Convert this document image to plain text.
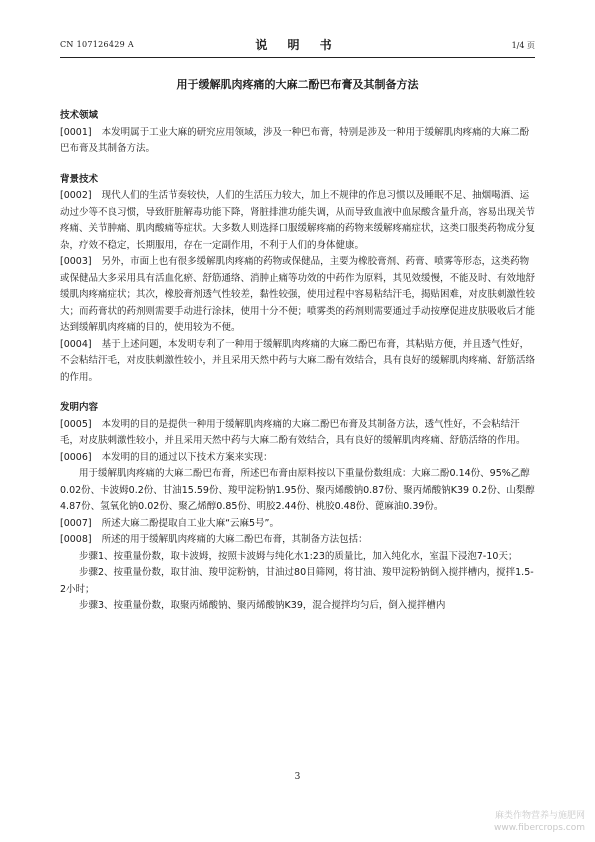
CN 107126429 A	说 明 书	1/4 页
用于缓解肌肉疼痛的大麻二酚巴布膏及其制备方法
技术领域

[0001] 本发明属于工业大麻的研究应用领域，涉及一种巴布膏，特别是涉及一种用于缓解肌肉疼痛的大麻二酚巴布膏及其制备方法。

背景技术

[0002] 现代人们的生活节奏较快，人们的生活压力较大，加上不规律的作息习惯以及睡眠不足、抽烟喝酒、运动过少等不良习惯，导致肝脏解毒功能下降，肾脏排泄功能失调，从而导致血液中血尿酸含量升高，容易出现关节疼痛、关节肿痛、肌肉酸痛等症状。大多数人则选择口服缓解疼痛的药物来缓解疼痛症状，这类口服类药物成分复杂，疗效不稳定，长期服用，存在一定副作用，不利于人们的身体健康。

[0003] 另外，市面上也有很多缓解肌肉疼痛的药物或保健品，主要为橡胶膏剂、药膏、喷雾等形态，这类药物或保健品大多采用具有活血化瘀、舒筋通络、消肿止痛等功效的中药作为原料，其见效缓慢，不能及时、有效地舒缓肌肉疼痛症状；其次，橡胶膏剂透气性较差，黏性较强，使用过程中容易粘结汗毛，揭贴困难，对皮肤刺激性较大；而药膏状的药剂则需要手动进行涂抹，使用十分不便；喷雾类的药剂则需要通过手动按摩促进皮肤吸收后才能达到缓解肌肉疼痛的目的，使用较为不便。

[0004] 基于上述问题，本发明专利了一种用于缓解肌肉疼痛的大麻二酚巴布膏，其粘贴方便，并且透气性好，不会粘结汗毛，对皮肤刺激性较小，并且采用天然中药与大麻二酚有效结合，具有良好的缓解肌肉疼痛、舒筋活络的作用。

发明内容

[0005] 本发明的目的是提供一种用于缓解肌肉疼痛的大麻二酚巴布膏及其制备方法，透气性好，不会粘结汗毛，对皮肤刺激性较小，并且采用天然中药与大麻二酚有效结合，具有良好的缓解肌肉疼痛、舒筋活络的作用。

[0006] 本发明的目的通过以下技术方案来实现：

用于缓解肌肉疼痛的大麻二酚巴布膏，所述巴布膏由原料按以下重量份数组成：大麻二酚0.14份、95%乙醇0.02份、卡波姆0.2份、甘油15.59份、羧甲淀粉钠1.95份、聚丙烯酸钠0.87份、聚丙烯酸钠K39 0.2份、山梨醇4.87份、氢氧化钠0.02份、聚乙烯醇0.85份、明胶2.44份、桃胶0.48份、蓖麻油0.39份。

[0007] 所述大麻二酚提取自工业大麻“云麻5号”。

[0008] 所述的用于缓解肌肉疼痛的大麻二酚巴布膏，其制备方法包括：

步骤1、按重量份数，取卡波姆，按照卡波姆与纯化水1:23的质量比，加入纯化水，室温下浸泡7-10天；

步骤2、按重量份数，取甘油、羧甲淀粉钠，甘油过80目筛网，将甘油、羧甲淀粉钠倒入搅拌槽内，搅拌1.5-2小时；

步骤3、按重量份数，取聚丙烯酸钠、聚丙烯酸钠K39，混合搅拌均匀后，倒入搅拌槽内

3
麻类作物营养与施肥网
www.fibercrops.com
